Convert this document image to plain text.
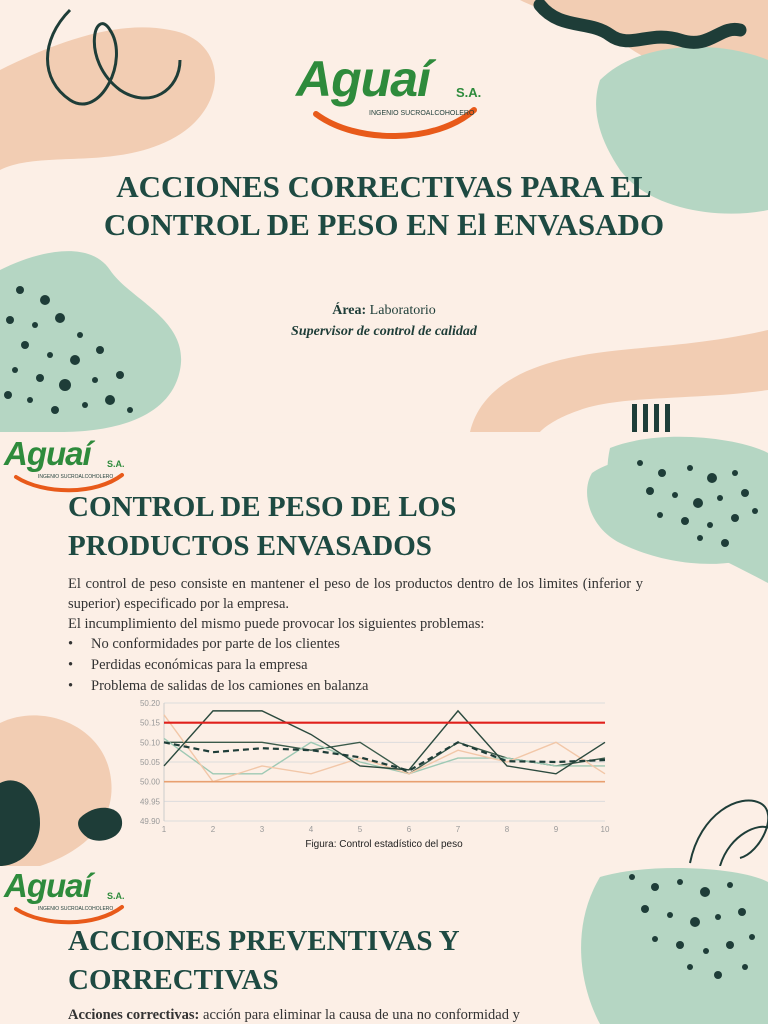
Aguaí S.A.
INGENIO SUCROALCOHOLERO
ACCIONES CORRECTIVAS PARA EL CONTROL DE PESO EN El ENVASADO
Área: Laboratorio
Supervisor de control de calidad
Aguaí S.A.
INGENIO SUCROALCOHOLERO
CONTROL DE PESO DE LOS
PRODUCTOS ENVASADOS

El control de peso consiste en mantener el peso de los productos dentro de los limites (inferior y superior) especificado por la empresa.

El incumplimiento del mismo puede provocar los siguientes problemas:

• No conformidades por parte de los clientes
• Perdidas económicas para la empresa
• Problema de salidas de los camiones en balanza
50.20
50.15
50.10
50.05
50.00
49.95
49.90
1	2	3	4	5	6	7	8	9	10
Figura: Control estadístico del peso
Aguaí S.A.
INGENIO SUCROALCOHOLERO
ACCIONES PREVENTIVAS Y
CORRECTIVAS
Acciones correctivas: acción para eliminar la causa de una no conformidad y
